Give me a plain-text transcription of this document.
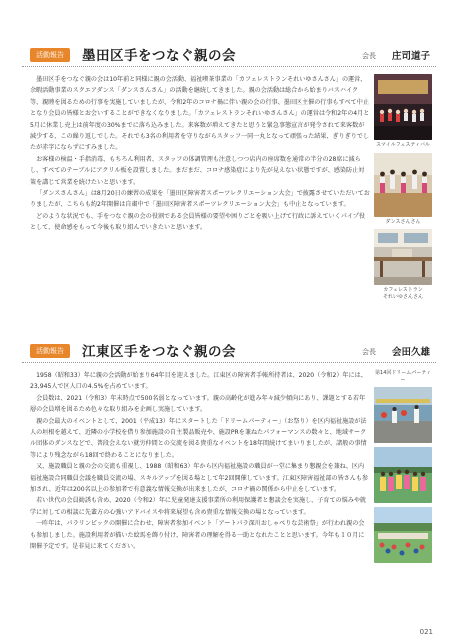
活動報告	墨田区手をつなぐ親の会	会長 庄司道子

墨田区手をつなぐ親の会は10年前と同様に親の会活動、福祉喫茶事業の「カフェレストランそれいゆさんさん」の運営、余暇活動事業のスクエアダンス「ダンスさんさん」の活動を継続してきました。親の会活動は総合から始まりバスハイク等、親睦を図るための行事を実施していましたが、令和2年のコロナ禍に伴い親の会の行事、墨田区主催の行事もすべて中止となり会員の皆様とお会いすることができなくなりました。「カフェレストランそれいゆさんさん」の運営は令和2年の4月と5月に休業し売上は前年度の30%までに落ち込みました。来客数が増えてきたと思うと緊急事態宣言が発令されて来客数が減少する、この繰り返しでした。それでも3名の利用者を守りながらスタッフ一同一丸となって頑張った結果、ぎりぎりでしたが赤字にならずにすみました。

お客様の検温・手指消毒、もちろん利用者、スタッフの体調管理も注意しつつ店内の座席数を通常の半分の28席に減らし、すべてのテーブルにアクリル板を設置しました。まだまだ、コロナ感染症により先が見えない状態ですが、感染防止対策を講じて営業を続けたいと思います。

「ダンスさんさん」は8月20日の練習の成果を「墨田区障害者スポーツレクリエーション大会」で披露させていただいておりましたが、こちらも約2年開催は自粛中で「墨田区障害者スポーツレクリエーション大会」も中止となっています。

どのような状況でも、手をつなぐ親の会の役割である会員皆様の要望や困りごとを吸い上げて行政に訴えていくパイプ役として、使命感をもって今後も取り組んでいきたいと思います。

スマイルフェスティバル
ダンスさんさん
カフェレストラン
それいゆさんさん
活動報告	江東区手をつなぐ親の会	会長 会田久雄

1958（昭和33）年に親の会活動が始まり64年目を迎えました。江東区の障害者手帳所持者は、2020（令和2）年には、23,945人で区人口の4.5%を占めています。

会員数は、2021（令和3）年末時点で500名弱となっています。親の高齢化が進み年々減少傾向にあり、課題とする若年層の会員増を図るため色々な取り組みを企画し実施しています。

親の会最大のイベントとして、2001（平成13）年にスタートした「ドリームパーティー」（お祭り）を区内福祉施設が法人の垣根を越えて、近隣の小学校を借り参加施設の自主製品販売や、施設PRを兼ねたパフォーマンスの数々と、地域サークル団体のダンスなどで、普段会えない就労仲間との交流を図る貴重なイベントを18年間続けてまいりましたが、諸般の事情等により残念ながら18回で終わることになりました。

又、施設職員と親の会の交流も重視し、1988（昭和63）年から区内福祉施設の職員が一堂に集まり懇親会を兼ね、区内福祉施設合同職員会議を職員交流の場、スキルアップを図る場として年2回開催しています。江東区障害福祉部の皆さんも参加され、近年は200名以上の参加者で有意義な情報交換が出来ましたが、コロナ禍の関係から中止をしています。

若い世代の会員勧誘も含め、2020（令和2）年に児童発達支援事業所の利用保護者と懇談会を実施し、子育ての悩みや就学に対しての相談に先輩方の心強いアドバイスや将来展望も含め貴重な情報交換の場となっています。

一昨年は、パラリンピックの開催に合わせ、障害者参加イベント「アートパラ深川おしゃべりな芸術祭」が行われ親の会も参加しました。施設利用者が描いた絵馬を飾り付け、障害者の理解を得る一助となれたことと思います。今年も１０月に開催予定です。是非見に来てください。

第14回ドリームパーティー
021
